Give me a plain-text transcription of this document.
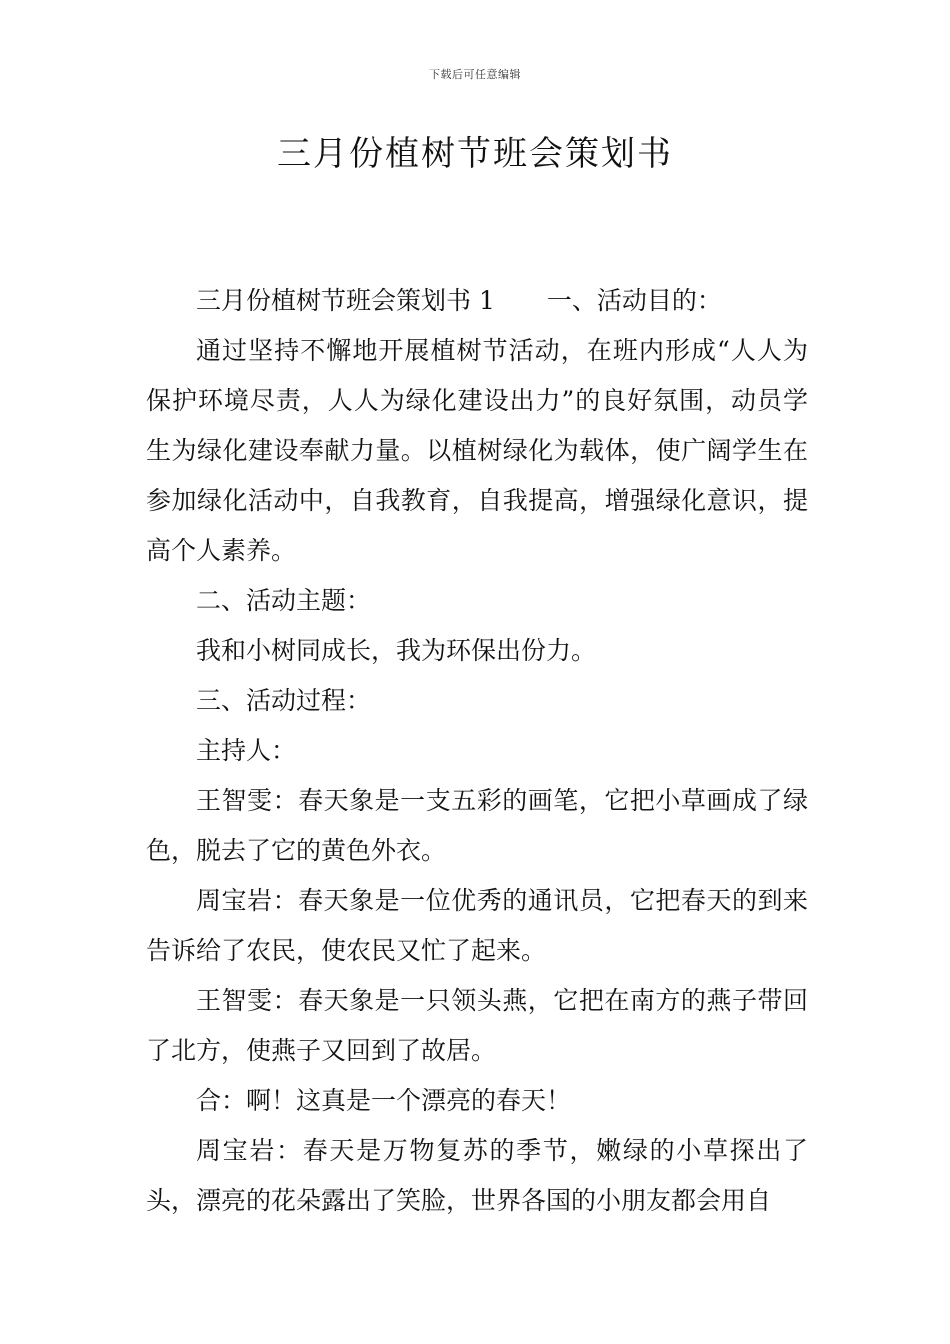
下载后可任意编辑
三月份植树节班会策划书

三月份植树节班会策划书 1 一、活动目的：

通过坚持不懈地开展植树节活动，在班内形成“人人为保护环境尽责，人人为绿化建设出力”的良好氛围，动员学生为绿化建设奉献力量。以植树绿化为载体，使广阔学生在参加绿化活动中，自我教育，自我提高，增强绿化意识，提高个人素养。

二、活动主题：

我和小树同成长，我为环保出份力。

三、活动过程：

主持人：

王智雯：春天象是一支五彩的画笔，它把小草画成了绿色，脱去了它的黄色外衣。

周宝岩：春天象是一位优秀的通讯员，它把春天的到来告诉给了农民，使农民又忙了起来。

王智雯：春天象是一只领头燕，它把在南方的燕子带回了北方，使燕子又回到了故居。

合：啊！这真是一个漂亮的春天！

周宝岩：春天是万物复苏的季节，嫩绿的小草探出了头，漂亮的花朵露出了笑脸，世界各国的小朋友都会用自
